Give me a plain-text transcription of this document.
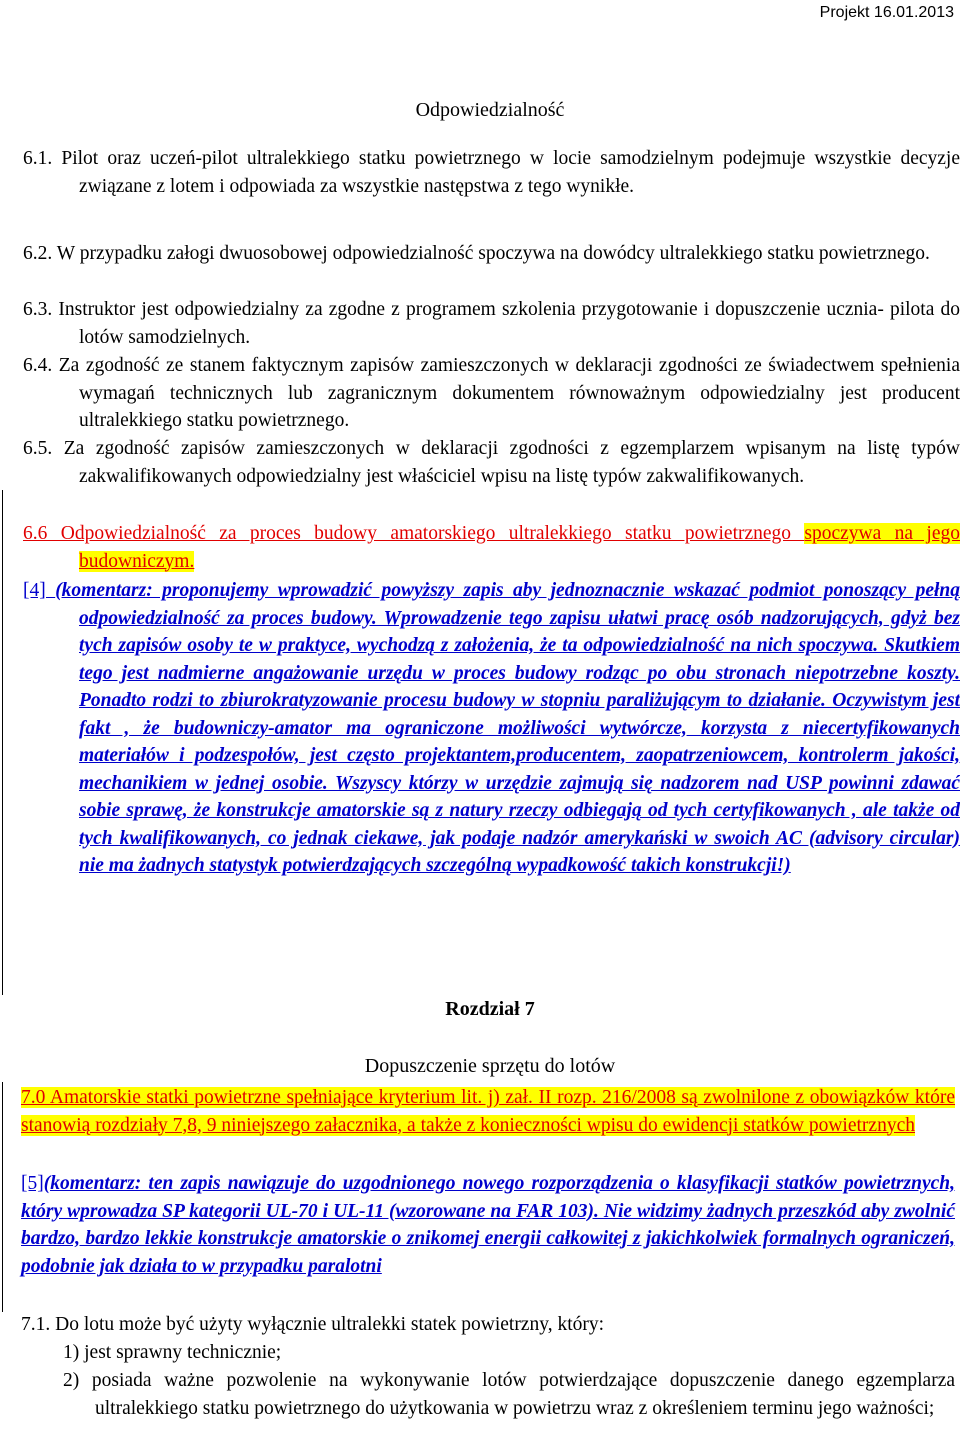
Projekt 16.01.2013
Odpowiedzialność
6.1. Pilot oraz uczeń-pilot ultralekkiego statku powietrznego w locie samodzielnym podejmuje wszystkie decyzje związane z lotem i odpowiada za wszystkie następstwa z tego wynikłe.
6.2. W przypadku załogi dwuosobowej odpowiedzialność spoczywa na dowódcy ultralekkiego statku powietrznego.
6.3. Instruktor jest odpowiedzialny za zgodne z programem szkolenia przygotowanie i dopuszczenie ucznia- pilota do lotów samodzielnych.
6.4. Za zgodność ze stanem faktycznym zapisów zamieszczonych w deklaracji zgodności ze świadectwem spełnienia wymagań technicznych lub zagranicznym dokumentem równoważnym odpowiedzialny jest producent ultralekkiego statku powietrznego.
6.5. Za zgodność zapisów zamieszczonych w deklaracji zgodności z egzemplarzem wpisanym na listę typów zakwalifikowanych odpowiedzialny jest właściciel wpisu na listę typów zakwalifikowanych.
6.6 Odpowiedzialność za proces budowy amatorskiego ultralekkiego statku powietrznego spoczywa na jego budowniczym.
[4] (komentarz: proponujemy wprowadzić powyższy zapis aby jednoznacznie wskazać podmiot ponoszący pełną odpowiedzialność za proces budowy. Wprowadzenie tego zapisu ułatwi pracę osób nadzorujących, gdyż bez tych zapisów osoby te w praktyce, wychodzą z założenia, że ta odpowiedzialność na nich spoczywa. Skutkiem tego jest nadmierne angażowanie urzędu w proces budowy rodząc po obu stronach niepotrzebne koszty. Ponadto rodzi to zbiurokratyzowanie procesu budowy w stopniu paraliżującym to działanie. Oczywistym jest fakt , że budowniczy-amator ma ograniczone możliwości wytwórcze, korzysta z niecertyfikowanych materiałów i podzespołów, jest często projektantem,producentem, zaopatrzeniowcem, kontrolerm jakości, mechanikiem w jednej osobie. Wszyscy którzy w urzędzie zajmują się nadzorem nad USP powinni zdawać sobie sprawę, że konstrukcje amatorskie są z natury rzeczy odbiegają od tych certyfikowanych , ale także od tych kwalifikowanych, co jednak ciekawe, jak podaje nadzór amerykański w swoich AC (advisory circular) nie ma żadnych statystyk potwierdzających szczególną wypadkowość takich konstrukcji!)
Rozdział 7
Dopuszczenie sprzętu do lotów
7.0 Amatorskie statki powietrzne spełniające kryterium lit. j) zał. II rozp. 216/2008 są zwolnilone z obowiązków które stanowią rozdziały 7,8, 9 niniejszego załacznika, a także z konieczności wpisu do ewidencji statków powietrznych
[5](komentarz: ten zapis nawiązuje do uzgodnionego nowego rozporządzenia o klasyfikacji statków powietrznych, który wprowadza SP kategorii UL-70 i UL-11 (wzorowane na FAR 103). Nie widzimy żadnych przeszkód aby zwolnić bardzo, bardzo lekkie konstrukcje amatorskie o znikomej energii całkowitej z jakichkolwiek formalnych ograniczeń, podobnie jak działa to w przypadku paralotni
7.1. Do lotu może być użyty wyłącznie ultralekki statek powietrzny, który:
1) jest sprawny technicznie;
2) posiada ważne pozwolenie na wykonywanie lotów potwierdzające dopuszczenie danego egzemplarza ultralekkiego statku powietrznego do użytkowania w powietrzu wraz z określeniem terminu jego ważności;
